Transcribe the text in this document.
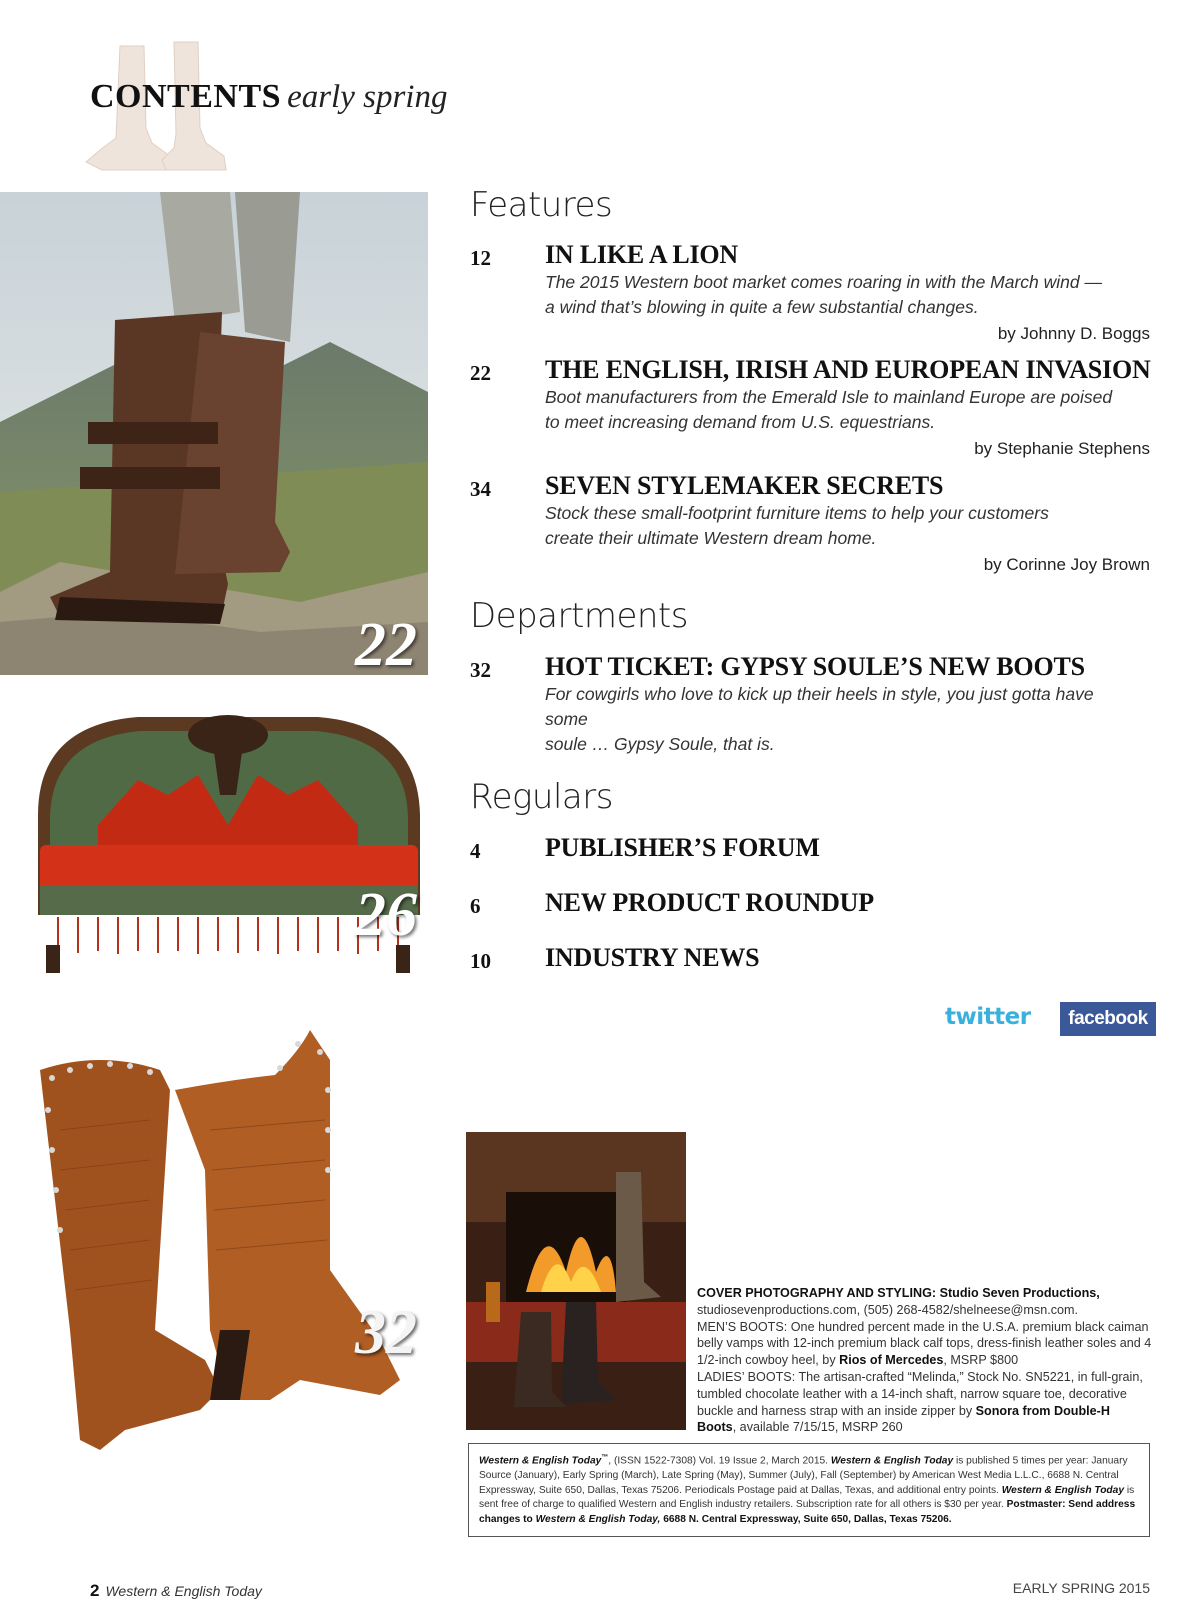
CONTENTS early spring
22
26
32
Features
12 IN LIKE A LION
The 2015 Western boot market comes roaring in with the March wind —
a wind that’s blowing in quite a few substantial changes.
by Johnny D. Boggs
22 THE ENGLISH, IRISH AND EUROPEAN INVASION
Boot manufacturers from the Emerald Isle to mainland Europe are poised
to meet increasing demand from U.S. equestrians.
by Stephanie Stephens
34 SEVEN STYLEMAKER SECRETS
Stock these small-footprint furniture items to help your customers
create their ultimate Western dream home.
by Corinne Joy Brown
Departments
32 HOT TICKET: GYPSY SOULE’S NEW BOOTS
For cowgirls who love to kick up their heels in style, you just gotta have some
soule … Gypsy Soule, that is.
Regulars
4 PUBLISHER’S FORUM
6 NEW PRODUCT ROUNDUP
10 INDUSTRY NEWS
twitter	facebook
COVER PHOTOGRAPHY AND STYLING: Studio Seven Productions,
studiosevenproductions.com, (505) 268-4582/shelneese@msn.com.
MEN’S BOOTS: One hundred percent made in the U.S.A. premium black caiman belly vamps with 12-inch premium black calf tops, dress-finish leather soles and 4 1/2-inch cowboy heel, by Rios of Mercedes, MSRP $800
LADIES’ BOOTS: The artisan-crafted “Melinda,” Stock No. SN5221, in full-grain, tumbled chocolate leather with a 14-inch shaft, narrow square toe, decorative buckle and harness strap with an inside zipper by Sonora from Double-H Boots, available 7/15/15, MSRP 260
Western & English Today™, (ISSN 1522-7308) Vol. 19 Issue 2, March 2015. Western & English Today is published 5 times per year: January Source (January), Early Spring (March), Late Spring (May), Summer (July), Fall (September) by American West Media L.L.C., 6688 N. Central Expressway, Suite 650, Dallas, Texas 75206. Periodicals Postage paid at Dallas, Texas, and additional entry points. Western & English Today is sent free of charge to qualified Western and English industry retailers. Subscription rate for all others is $30 per year. Postmaster: Send address changes to Western & English Today, 6688 N. Central Expressway, Suite 650, Dallas, Texas 75206.
2 Western & English Today	EARLY SPRING 2015
